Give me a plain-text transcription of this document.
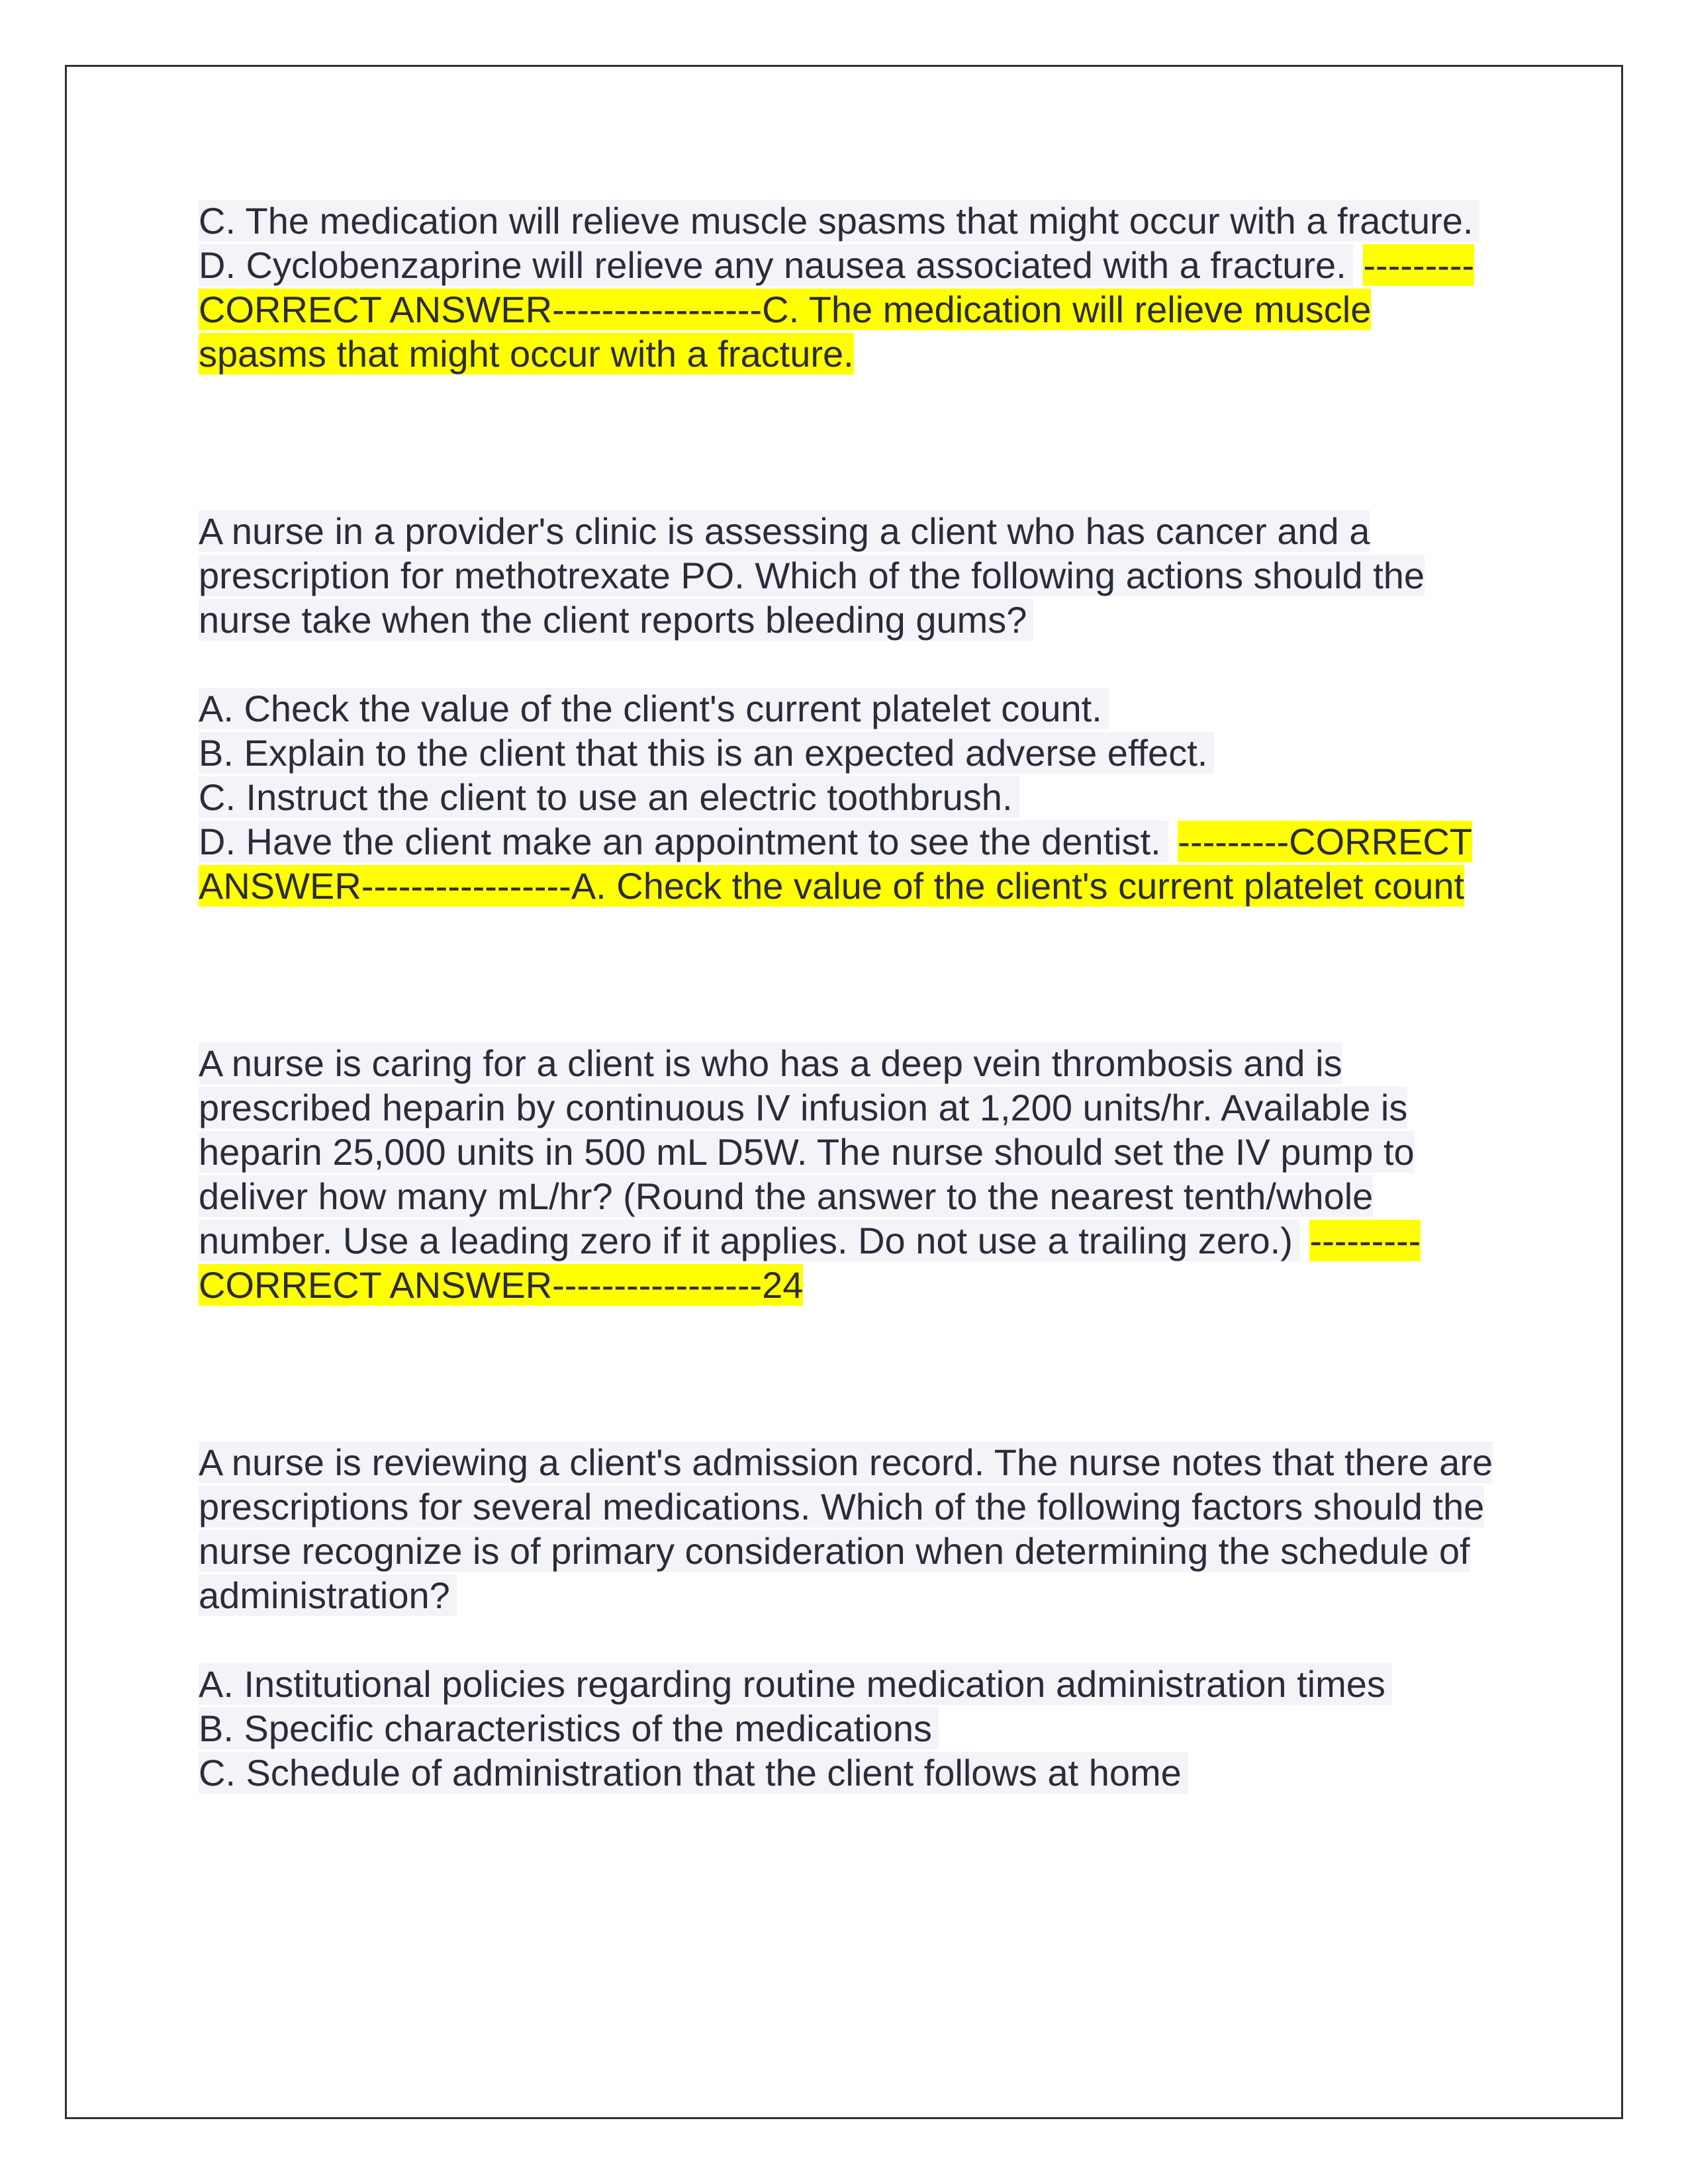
C. The medication will relieve muscle spasms that might occur with a fracture.

D. Cyclobenzaprine will relieve any nausea associated with a fracture. ---------CORRECT ANSWER-----------------C. The medication will relieve muscle spasms that might occur with a fracture.

A nurse in a provider's clinic is assessing a client who has cancer and a prescription for methotrexate PO. Which of the following actions should the nurse take when the client reports bleeding gums?

A. Check the value of the client's current platelet count.

B. Explain to the client that this is an expected adverse effect.

C. Instruct the client to use an electric toothbrush.

D. Have the client make an appointment to see the dentist. ---------CORRECT ANSWER-----------------A. Check the value of the client's current platelet count

A nurse is caring for a client is who has a deep vein thrombosis and is prescribed heparin by continuous IV infusion at 1,200 units/hr. Available is heparin 25,000 units in 500 mL D5W. The nurse should set the IV pump to deliver how many mL/hr? (Round the answer to the nearest tenth/whole number. Use a leading zero if it applies. Do not use a trailing zero.) ---------CORRECT ANSWER-----------------24

A nurse is reviewing a client's admission record. The nurse notes that there are prescriptions for several medications. Which of the following factors should the nurse recognize is of primary consideration when determining the schedule of administration?

A. Institutional policies regarding routine medication administration times

B. Specific characteristics of the medications

C. Schedule of administration that the client follows at home
